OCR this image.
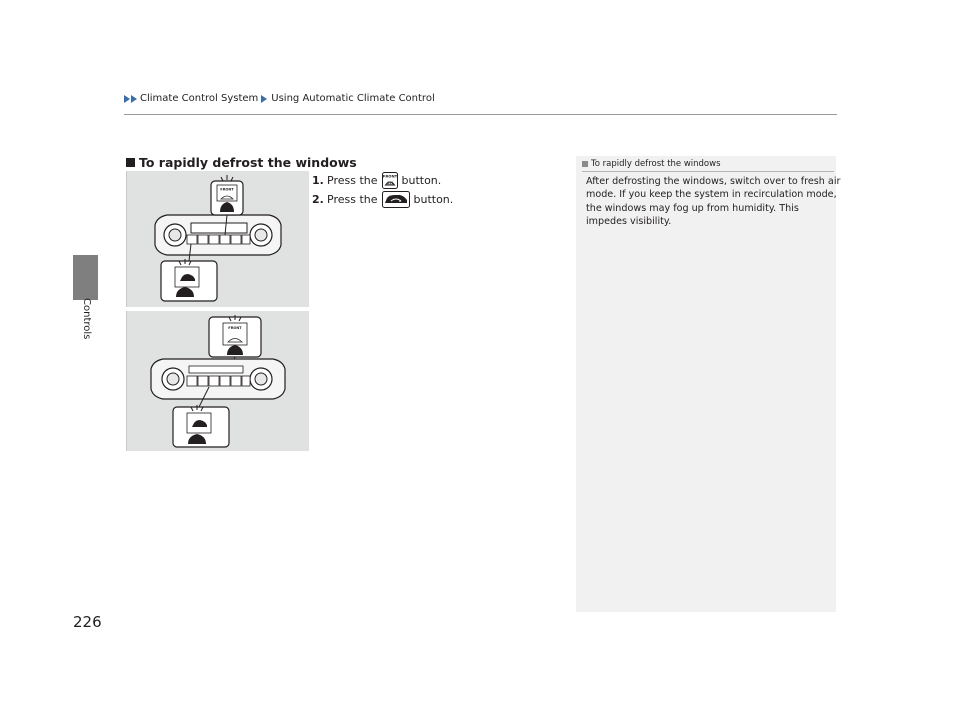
Climate Control System Using Automatic Climate Control
Controls
226
To rapidly defrost the windows
1. Press the FRONT button.
2. Press the	button.
FRONT
FRONT
To rapidly defrost the windows
After defrosting the windows, switch over to fresh air
mode. If you keep the system in recirculation mode,
the windows may fog up from humidity. This
impedes visibility.
